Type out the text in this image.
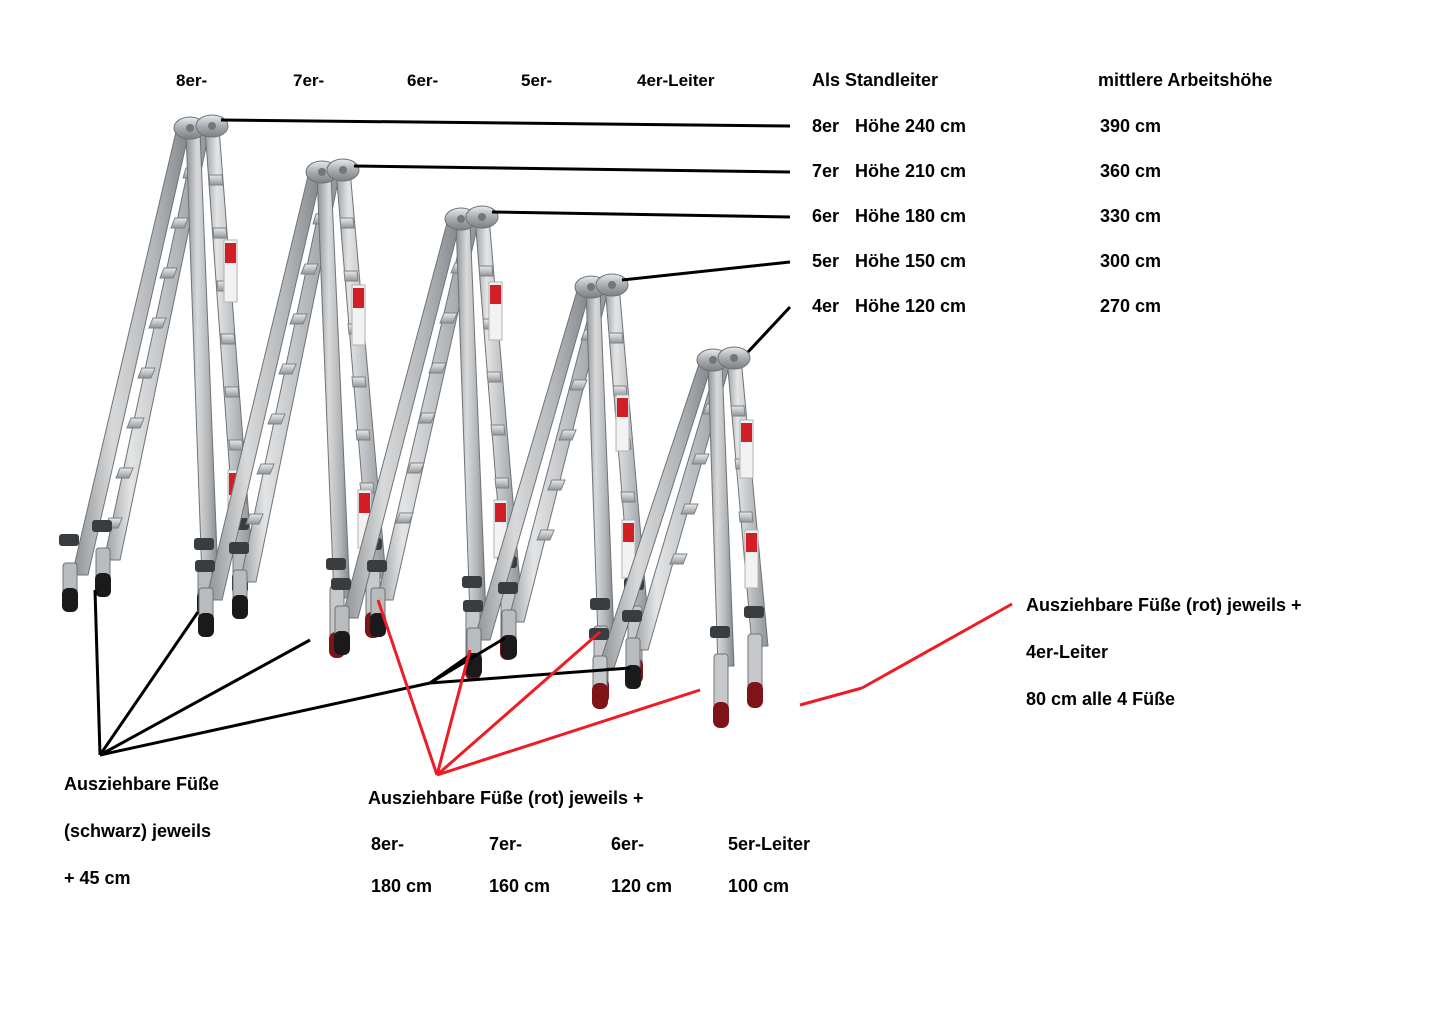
8er-	7er-	6er-	5er-	4er-Leiter	Als Standleiter	mittlere Arbeitshöhe
8er Höhe 240 cm	390 cm
7er Höhe 210 cm	360 cm
6er Höhe 180 cm	330 cm
5er Höhe 150 cm	300 cm
4er Höhe 120 cm	270 cm
Ausziehbare Füße (rot) jeweils +
4er-Leiter
80 cm alle 4 Füße
Ausziehbare Füße
(schwarz) jeweils
+ 45 cm
Ausziehbare Füße (rot) jeweils +
8er-	7er-	6er-	5er-Leiter
180 cm	160 cm	120 cm	100 cm
